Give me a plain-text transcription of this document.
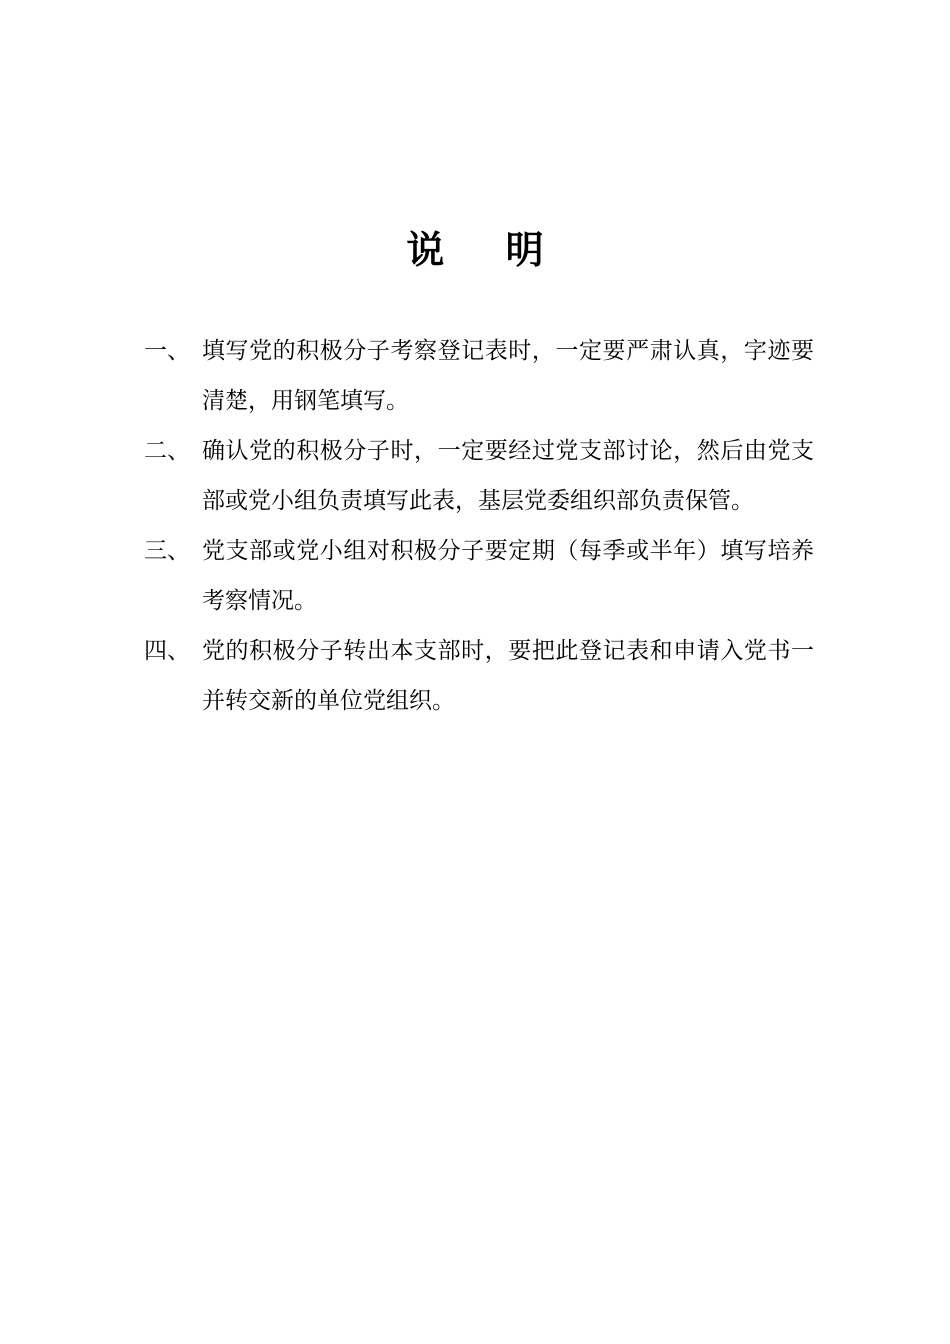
说 明
一、 填写党的积极分子考察登记表时，一定要严肃认真，字迹要清楚，用钢笔填写。
二、 确认党的积极分子时，一定要经过党支部讨论，然后由党支部或党小组负责填写此表，基层党委组织部负责保管。
三、 党支部或党小组对积极分子要定期（每季或半年）填写培养考察情况。
四、 党的积极分子转出本支部时，要把此登记表和申请入党书一并转交新的单位党组织。
